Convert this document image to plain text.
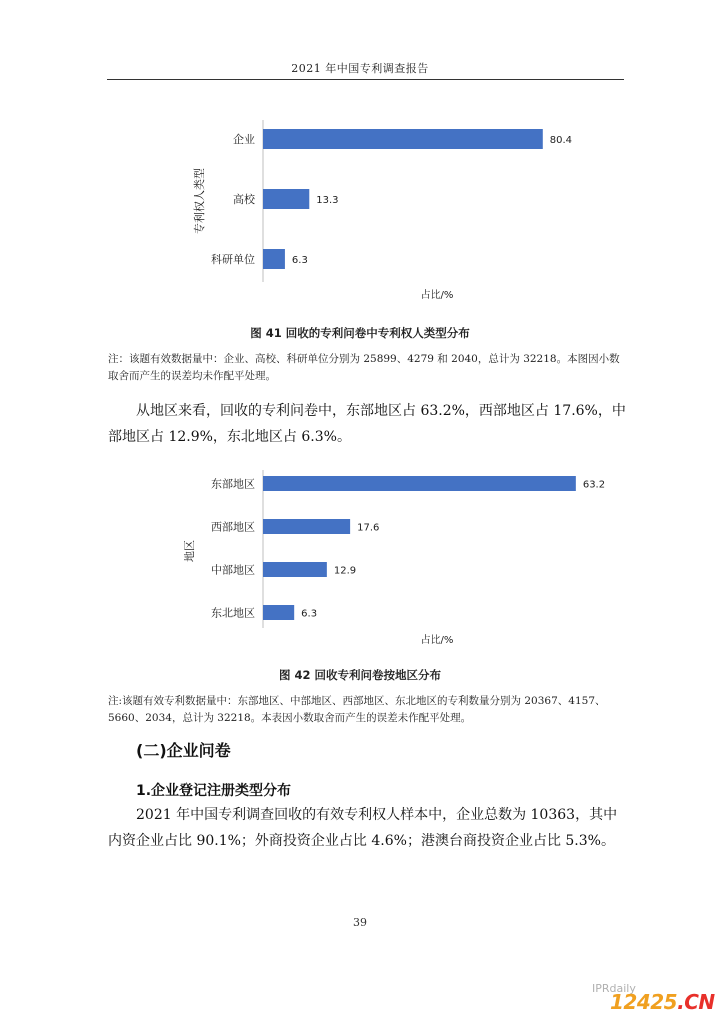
2021 年中国专利调查报告
专利权人类型
占比/%
企业	80.4
高校	13.3
科研单位	6.3
地区
占比/%
东部地区	63.2
西部地区	17.6
中部地区	12.9
东北地区	6.3
图 41 回收的专利问卷中专利权人类型分布
注：该题有效数据量中：企业、高校、科研单位分别为 25899、4279 和 2040，总计为 32218。本图因小数取舍而产生的误差均未作配平处理。
从地区来看，回收的专利问卷中，东部地区占 63.2%，西部地区占 17.6%，中部地区占 12.9%，东北地区占 6.3%。
图 42 回收专利问卷按地区分布
注:该题有效专利数据量中：东部地区、中部地区、西部地区、东北地区的专利数量分别为 20367、4157、5660、2034，总计为 32218。本表因小数取舍而产生的误差未作配平处理。
(二)企业问卷
1.企业登记注册类型分布
2021 年中国专利调查回收的有效专利权人样本中，企业总数为 10363，其中内资企业占比 90.1%；外商投资企业占比 4.6%；港澳台商投资企业占比 5.3%。
39
IPRdaily
12425.CN
